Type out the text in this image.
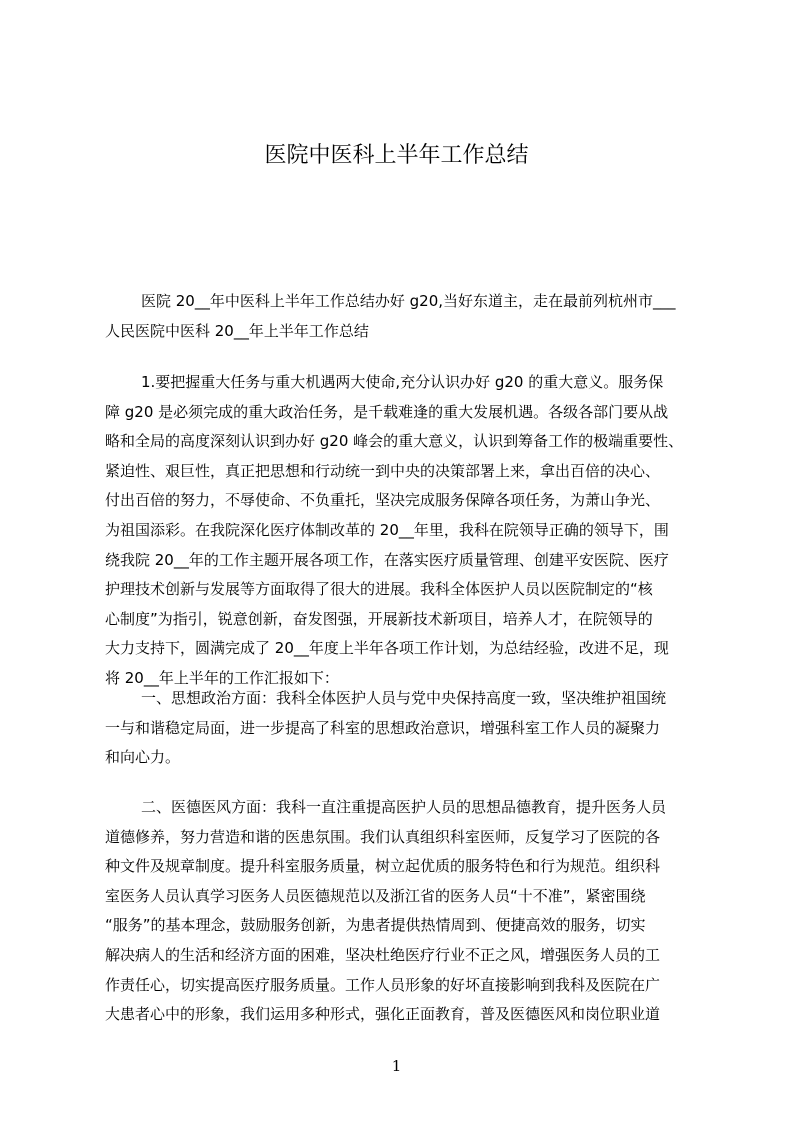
医院中医科上半年工作总结
医院 20__年中医科上半年工作总结办好 g20,当好东道主，走在最前列杭州市___
人民医院中医科 20__年上半年工作总结
1.要把握重大任务与重大机遇两大使命,充分认识办好 g20 的重大意义。服务保
障 g20 是必须完成的重大政治任务，是千载难逢的重大发展机遇。各级各部门要从战
略和全局的高度深刻认识到办好 g20 峰会的重大意义，认识到筹备工作的极端重要性、
紧迫性、艰巨性，真正把思想和行动统一到中央的决策部署上来，拿出百倍的决心、
付出百倍的努力，不辱使命、不负重托，坚决完成服务保障各项任务，为萧山争光、
为祖国添彩。在我院深化医疗体制改革的 20__年里，我科在院领导正确的领导下，围
绕我院 20__年的工作主题开展各项工作，在落实医疗质量管理、创建平安医院、医疗
护理技术创新与发展等方面取得了很大的进展。我科全体医护人员以医院制定的“核
心制度”为指引，锐意创新，奋发图强，开展新技术新项目，培养人才，在院领导的
大力支持下，圆满完成了 20__年度上半年各项工作计划，为总结经验，改进不足，现
将 20__年上半年的工作汇报如下：
一、思想政治方面：我科全体医护人员与党中央保持高度一致，坚决维护祖国统
一与和谐稳定局面，进一步提高了科室的思想政治意识，增强科室工作人员的凝聚力
和向心力。
二、医德医风方面：我科一直注重提高医护人员的思想品德教育，提升医务人员
道德修养，努力营造和谐的医患氛围。我们认真组织科室医师，反复学习了医院的各
种文件及规章制度。提升科室服务质量，树立起优质的服务特色和行为规范。组织科
室医务人员认真学习医务人员医德规范以及浙江省的医务人员“十不准”，紧密围绕
“服务”的基本理念，鼓励服务创新，为患者提供热情周到、便捷高效的服务，切实
解决病人的生活和经济方面的困难，坚决杜绝医疗行业不正之风，增强医务人员的工
作责任心，切实提高医疗服务质量。工作人员形象的好坏直接影响到我科及医院在广
大患者心中的形象，我们运用多种形式，强化正面教育，普及医德医风和岗位职业道
1
